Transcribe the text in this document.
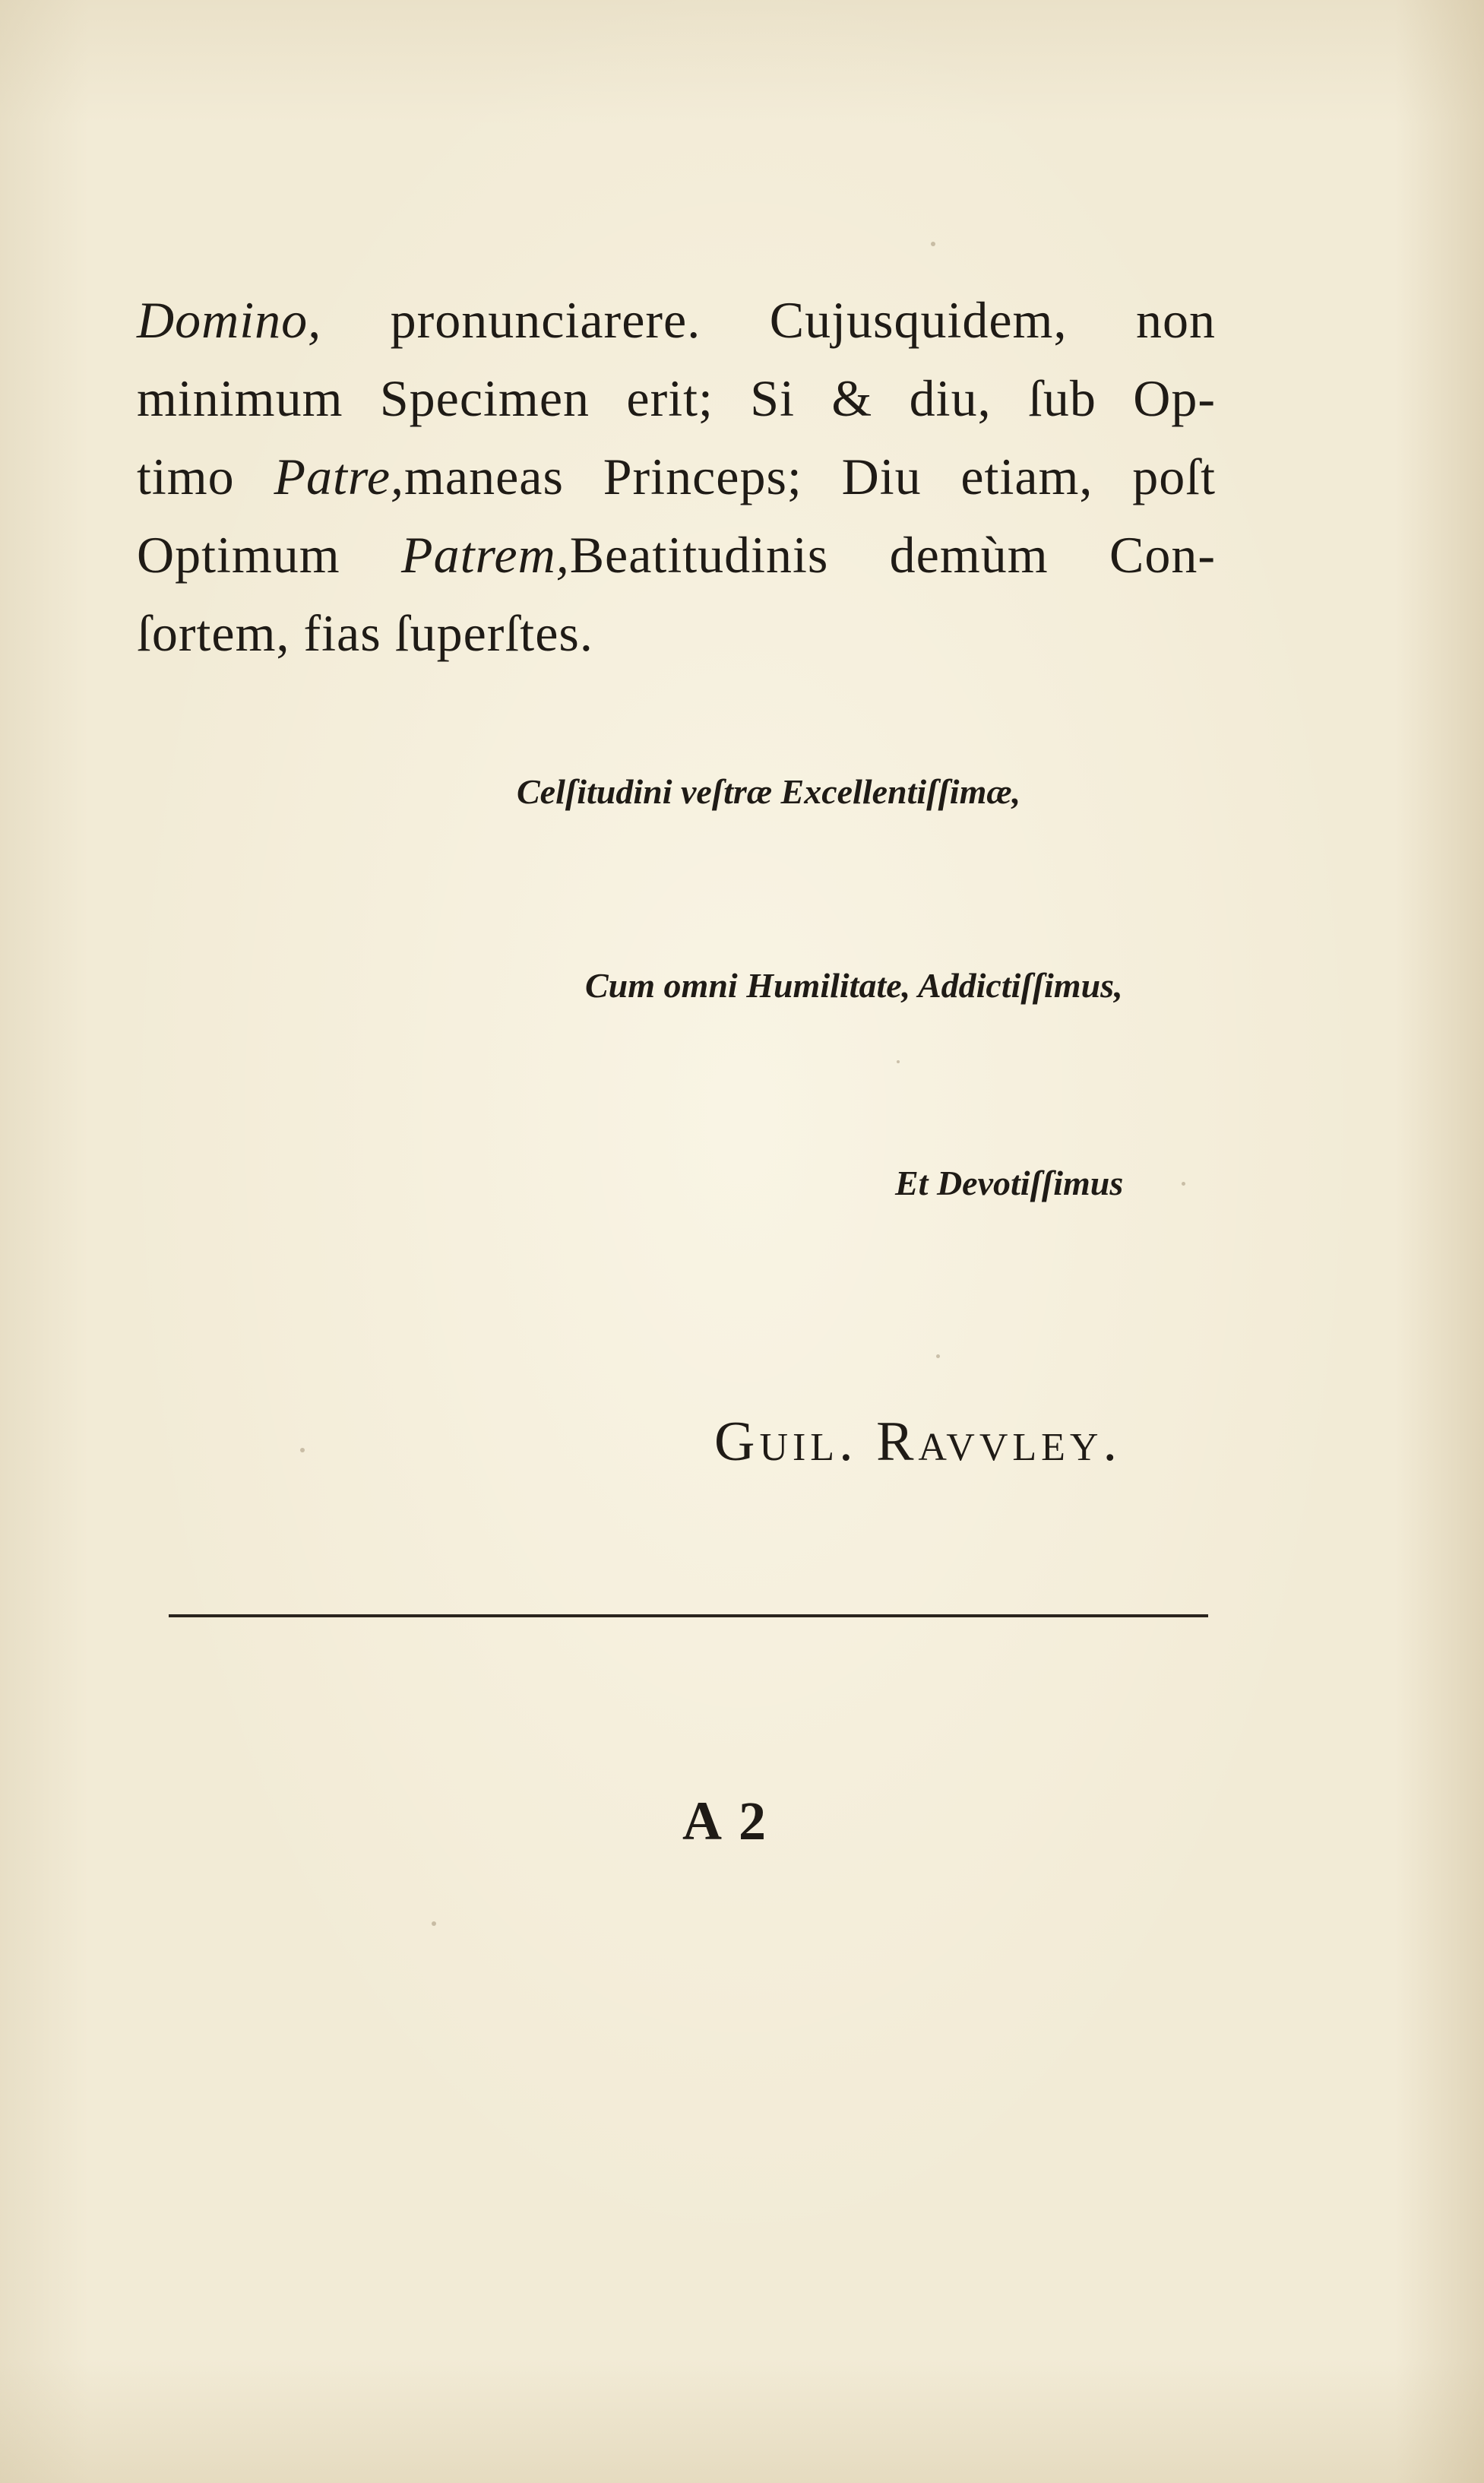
Domino, pronunciarere. Cujusquidem, non
minimum Specimen erit; Si & diu, ſub Op-
timo Patre,maneas Princeps; Diu etiam, poſt
Optimum Patrem,Beatitudinis demùm Con-
ſortem, fias ſuperſtes.
Celſitudini veſtræ Excellentiſſimæ,
Cum omni Humilitate, Addictiſſimus,
Et Devotiſſimus
Guil. Ravvley.
A 2
